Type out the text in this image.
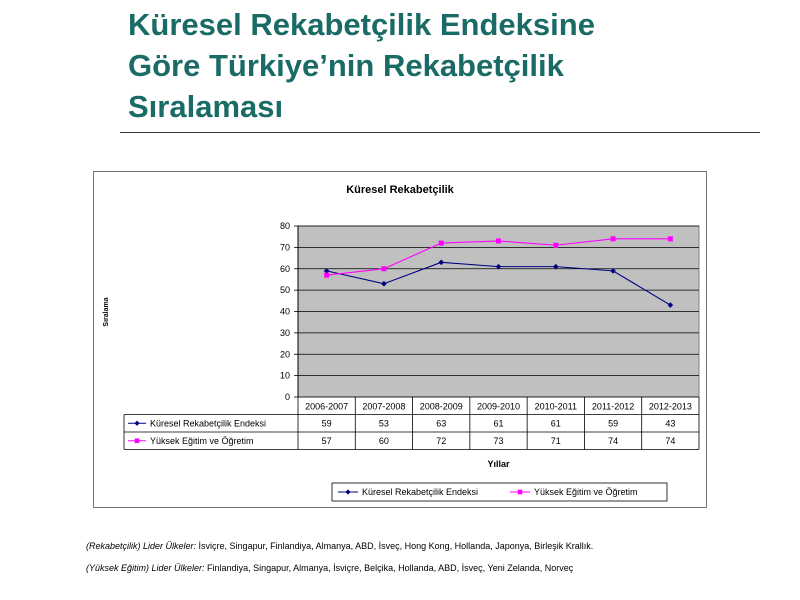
Küresel Rekabetçilik Endeksine
Göre Türkiye’nin Rekabetçilik
Sıralaması
Küresel Rekabetçilik
Sıralama
0
10
20
30
40
50
60
70
80
2006-2007 2007-2008 2008-2009 2009-2010 2010-2011 2011-2012 2012-2013
Küresel Rekabetçilik Endeksi	59	53	63	61	61	59	43
Yüksek Eğitim ve Öğretim	57	60	72	73	71	74	74
Yıllar
Küresel Rekabetçilik Endeksi	Yüksek Eğitim ve Öğretim
(Rekabetçilik) Lider Ülkeler: İsviçre, Singapur, Finlandiya, Almanya, ABD, İsveç, Hong Kong, Hollanda, Japonya, Birleşik Krallık.
(Yüksek Eğitim) Lider Ülkeler: Finlandiya, Singapur, Almanya, İsviçre, Belçika, Hollanda, ABD, İsveç, Yeni Zelanda, Norveç
